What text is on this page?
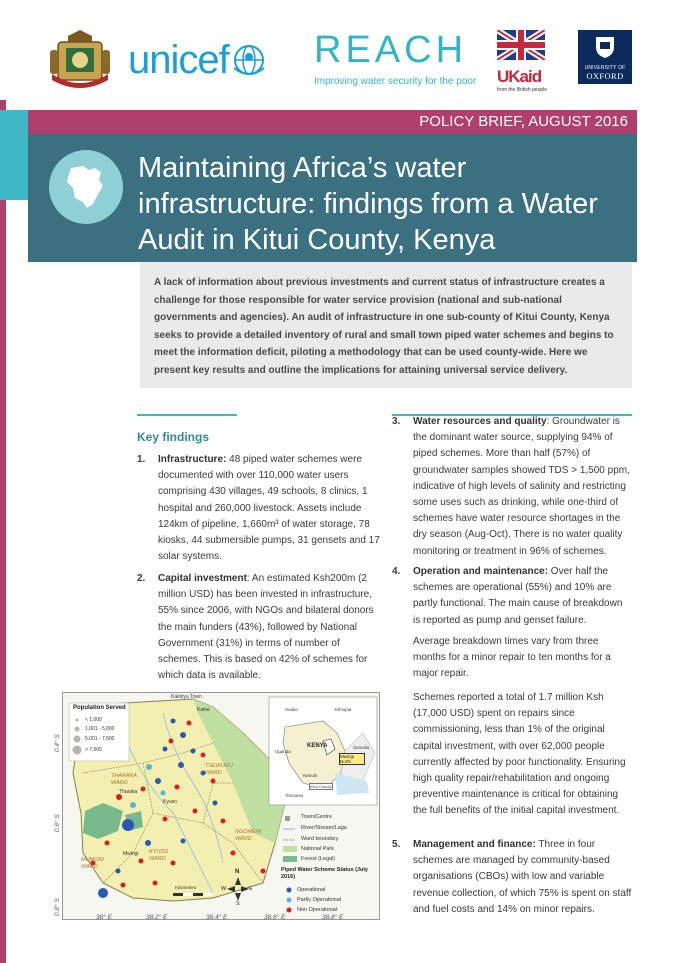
unicef REACH
Improving water security for the poor UKaid
from the British people
UNIVERSITY OF
OXFORD
POLICY BRIEF, AUGUST 2016
Maintaining Africa’s water infrastructure: findings from a Water Audit in Kitui County, Kenya

A lack of information about previous investments and current status of infrastructure creates a challenge for those responsible for water service provision (national and sub-national governments and agencies). An audit of infrastructure in one sub-county of Kitui County, Kenya seeks to provide a detailed inventory of rural and small town piped water schemes and begins to meet the information deficit, piloting a methodology that can be used county-wide. Here we present key results and outline the implications for attaining universal service delivery.

Key findings
1. Infrastructure: 48 piped water schemes were documented with over 110,000 water users comprising 430 villages, 49 schools, 8 clinics, 1 hospital and 260,000 livestock. Assets include 124km of pipeline, 1,660m³ of water storage, 78 kiosks, 44 submersible pumps, 31 gensets and 17 solar systems.
2. Capital investment: An estimated Ksh200m (2 million USD) has been invested in infrastructure, 55% since 2006, with NGOs and bilateral donors the main funders (43%), followed by National Government (31%) in terms of number of schemes. This is based on 42% of schemes for which data is available.
3. Water resources and quality: Groundwater is the dominant water source, supplying 94% of piped schemes. More than half (57%) of groundwater samples showed TDS > 1,500 ppm, indicative of high levels of salinity and restricting some uses such as drinking, while one-third of schemes have water resource shortages in the dry season (Aug-Oct). There is no water quality monitoring or treatment in 96% of schemes.
4. Operation and maintenance: Over half the schemes are operational (55%) and 10% are partly functional. The main cause of breakdown is reported as pump and genset failure.
Average breakdown times vary from three months for a minor repair to ten months for a major repair.
Schemes reported a total of 1.7 million Ksh (17,000 USD) spent on repairs since commissioning, less than 1% of the original capital investment, with over 62,000 people currently affected by poor functionality. Ensuring high quality repair/rehabilitation and ongoing preventive maintenance is critical for obtaining the full benefits of the initial capital investment.
5. Management and finance: Three in four schemes are managed by community-based organisations (CBOs) with low and variable revenue collection, of which 75% is spent on staff and fuel costs and 14% on minor repairs.
Population Served
< 1,000
1,001 - 5,000
5,001 - 7,500
> 7,500
Kakiriyu Town
Katse
Kyuso
Mwingi
Tharaka
TSEIKURU WARD
THARAKA WARD
NGOMENI WARD
KYUSO WARD
MUMONI WARD
Sudan	Ethiopia
Somalia
Uganda
KENYA
Tanzania
Nairobi
Kitui County
Mwingi North
Town/Centre
River/Stream/Laga
Ward boundary
National Park
Forest (Legal)
Piped Water Scheme Status (July 2016)
Operational
Partly Operational
Non Operational
Kilometers
N
W	E
S
38° E	38.2° E	38.4° E	38.6° E	38.8° E
0.4° S
0.6° S
0.8° S
